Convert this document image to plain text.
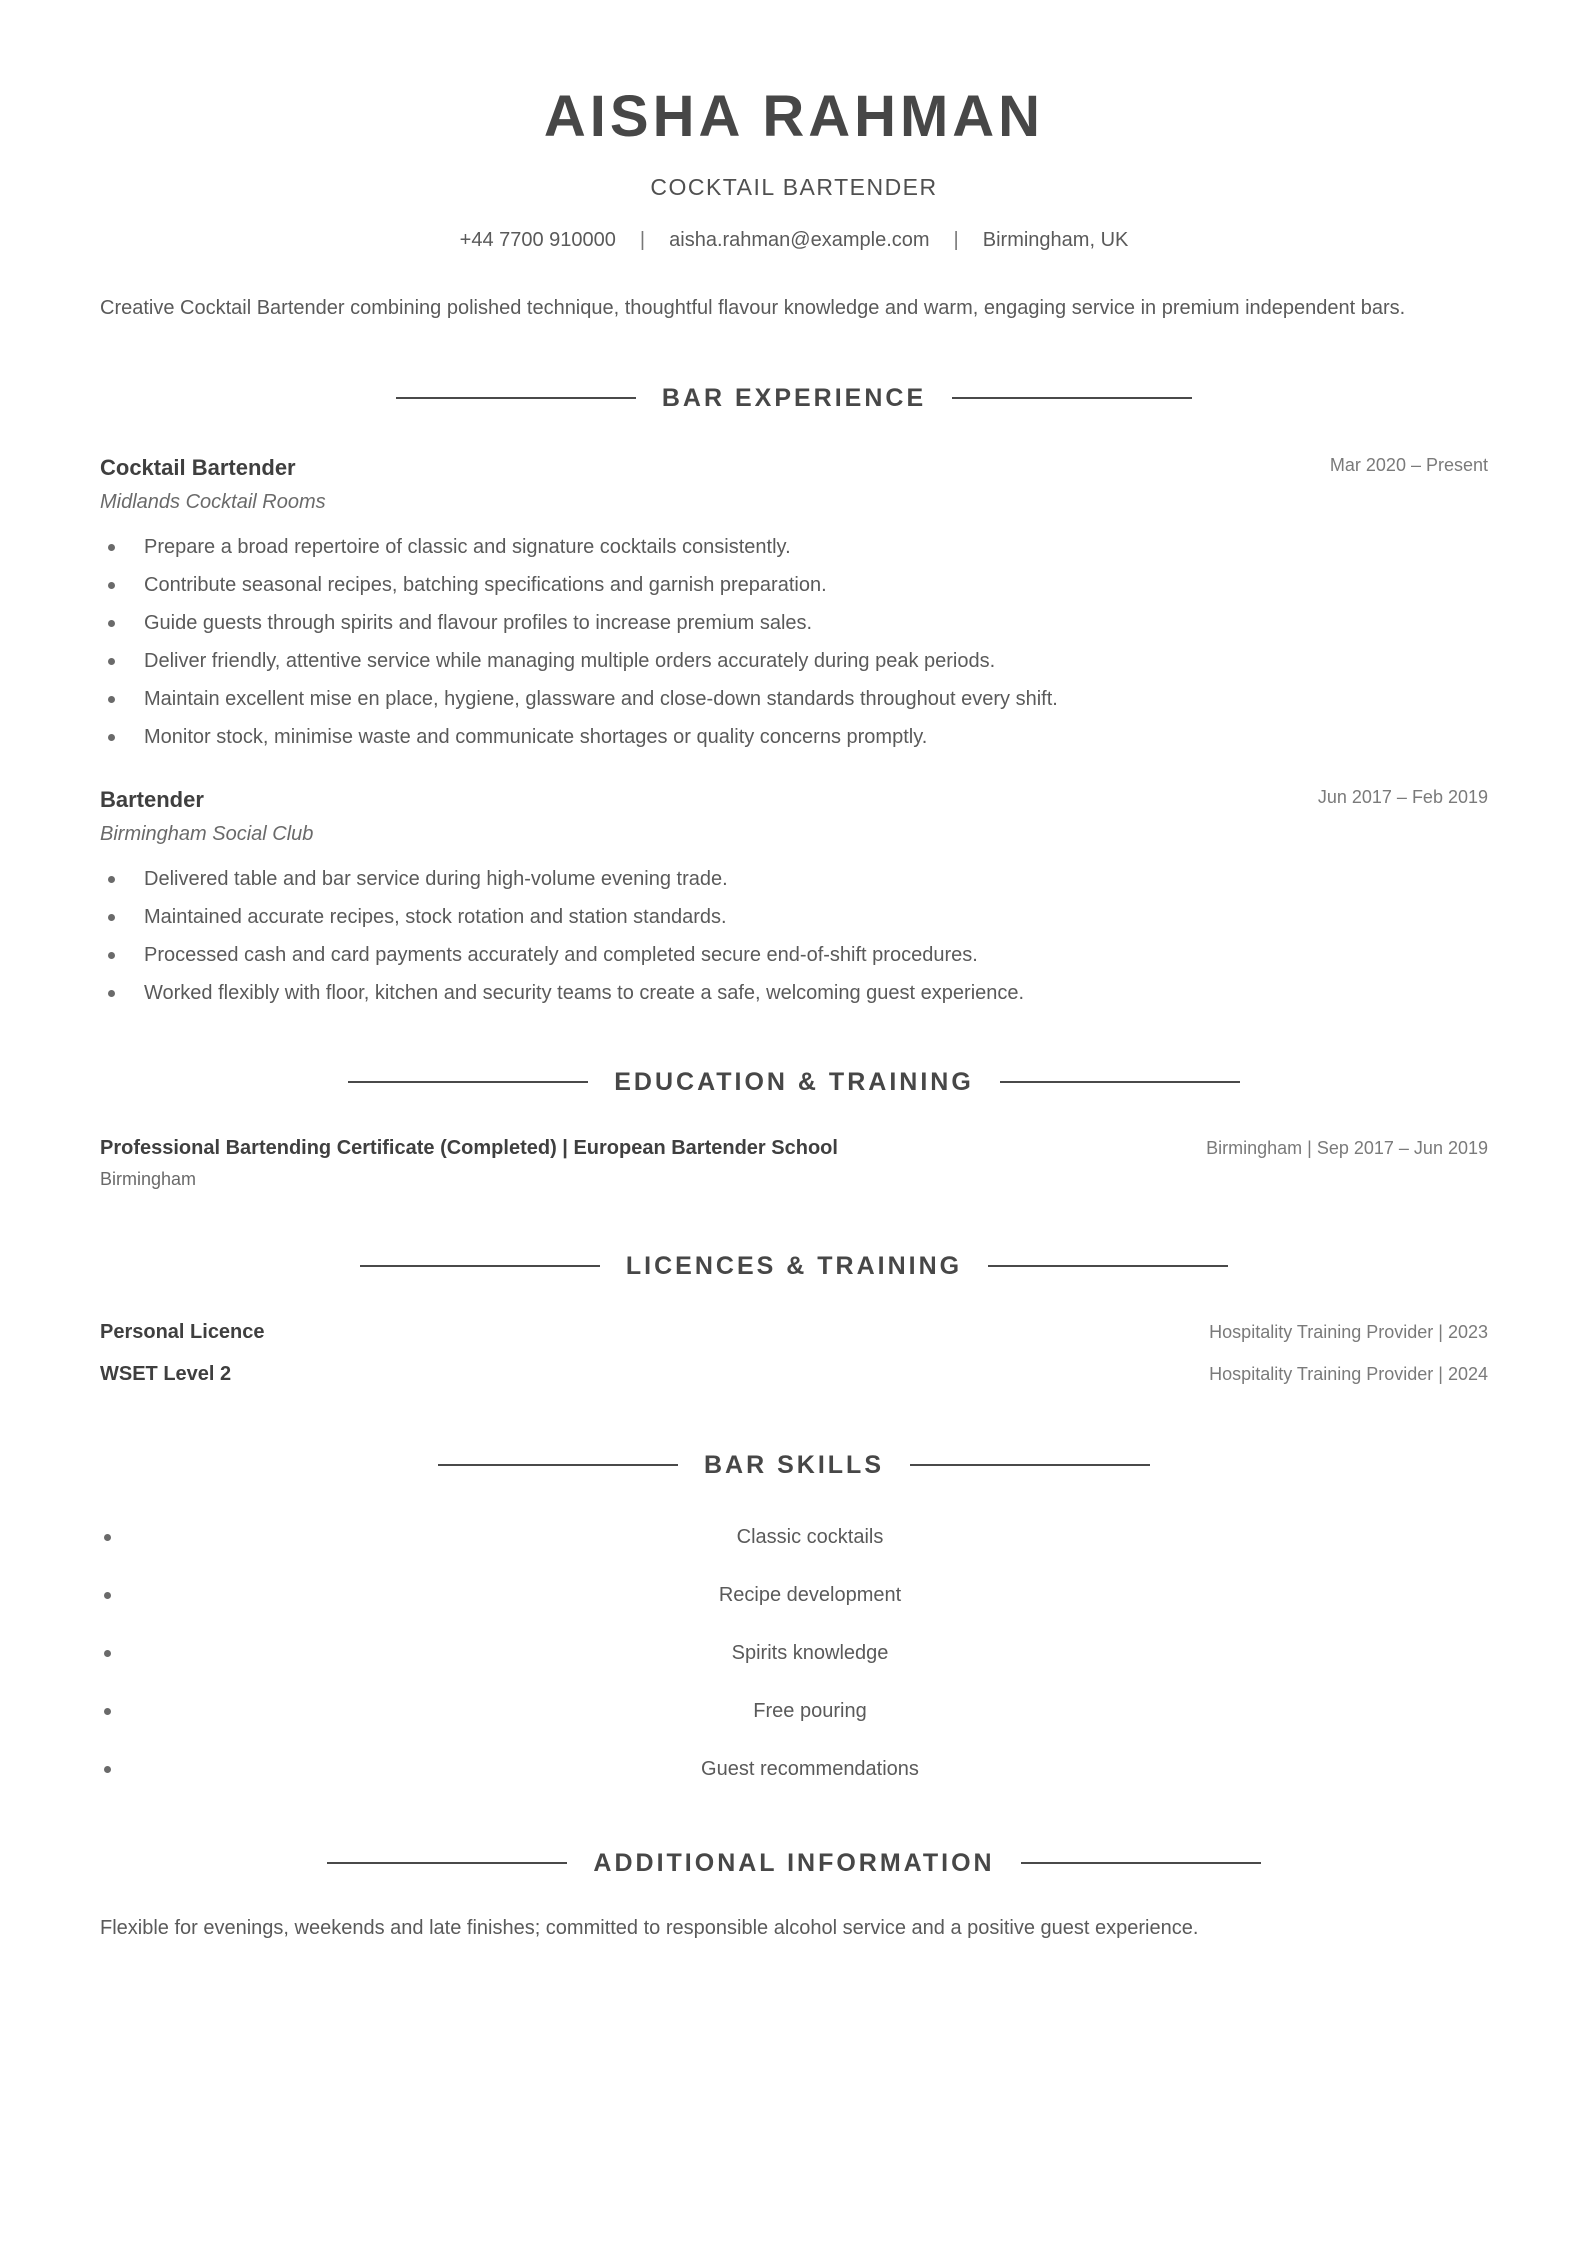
AISHA RAHMAN
COCKTAIL BARTENDER
+44 7700 910000 | aisha.rahman@example.com | Birmingham, UK
Creative Cocktail Bartender combining polished technique, thoughtful flavour knowledge and warm, engaging service in premium independent bars.
BAR EXPERIENCE
Cocktail Bartender	Mar 2020 – Present
Midlands Cocktail Rooms
Prepare a broad repertoire of classic and signature cocktails consistently.
Contribute seasonal recipes, batching specifications and garnish preparation.
Guide guests through spirits and flavour profiles to increase premium sales.
Deliver friendly, attentive service while managing multiple orders accurately during peak periods.
Maintain excellent mise en place, hygiene, glassware and close-down standards throughout every shift.
Monitor stock, minimise waste and communicate shortages or quality concerns promptly.
Bartender	Jun 2017 – Feb 2019
Birmingham Social Club
Delivered table and bar service during high-volume evening trade.
Maintained accurate recipes, stock rotation and station standards.
Processed cash and card payments accurately and completed secure end-of-shift procedures.
Worked flexibly with floor, kitchen and security teams to create a safe, welcoming guest experience.
EDUCATION & TRAINING
Professional Bartending Certificate (Completed) | European Bartender School	Birmingham | Sep 2017 – Jun 2019
Birmingham
LICENCES & TRAINING
Personal Licence	Hospitality Training Provider | 2023
WSET Level 2	Hospitality Training Provider | 2024
BAR SKILLS
Classic cocktails
Recipe development
Spirits knowledge
Free pouring
Guest recommendations
ADDITIONAL INFORMATION
Flexible for evenings, weekends and late finishes; committed to responsible alcohol service and a positive guest experience.
